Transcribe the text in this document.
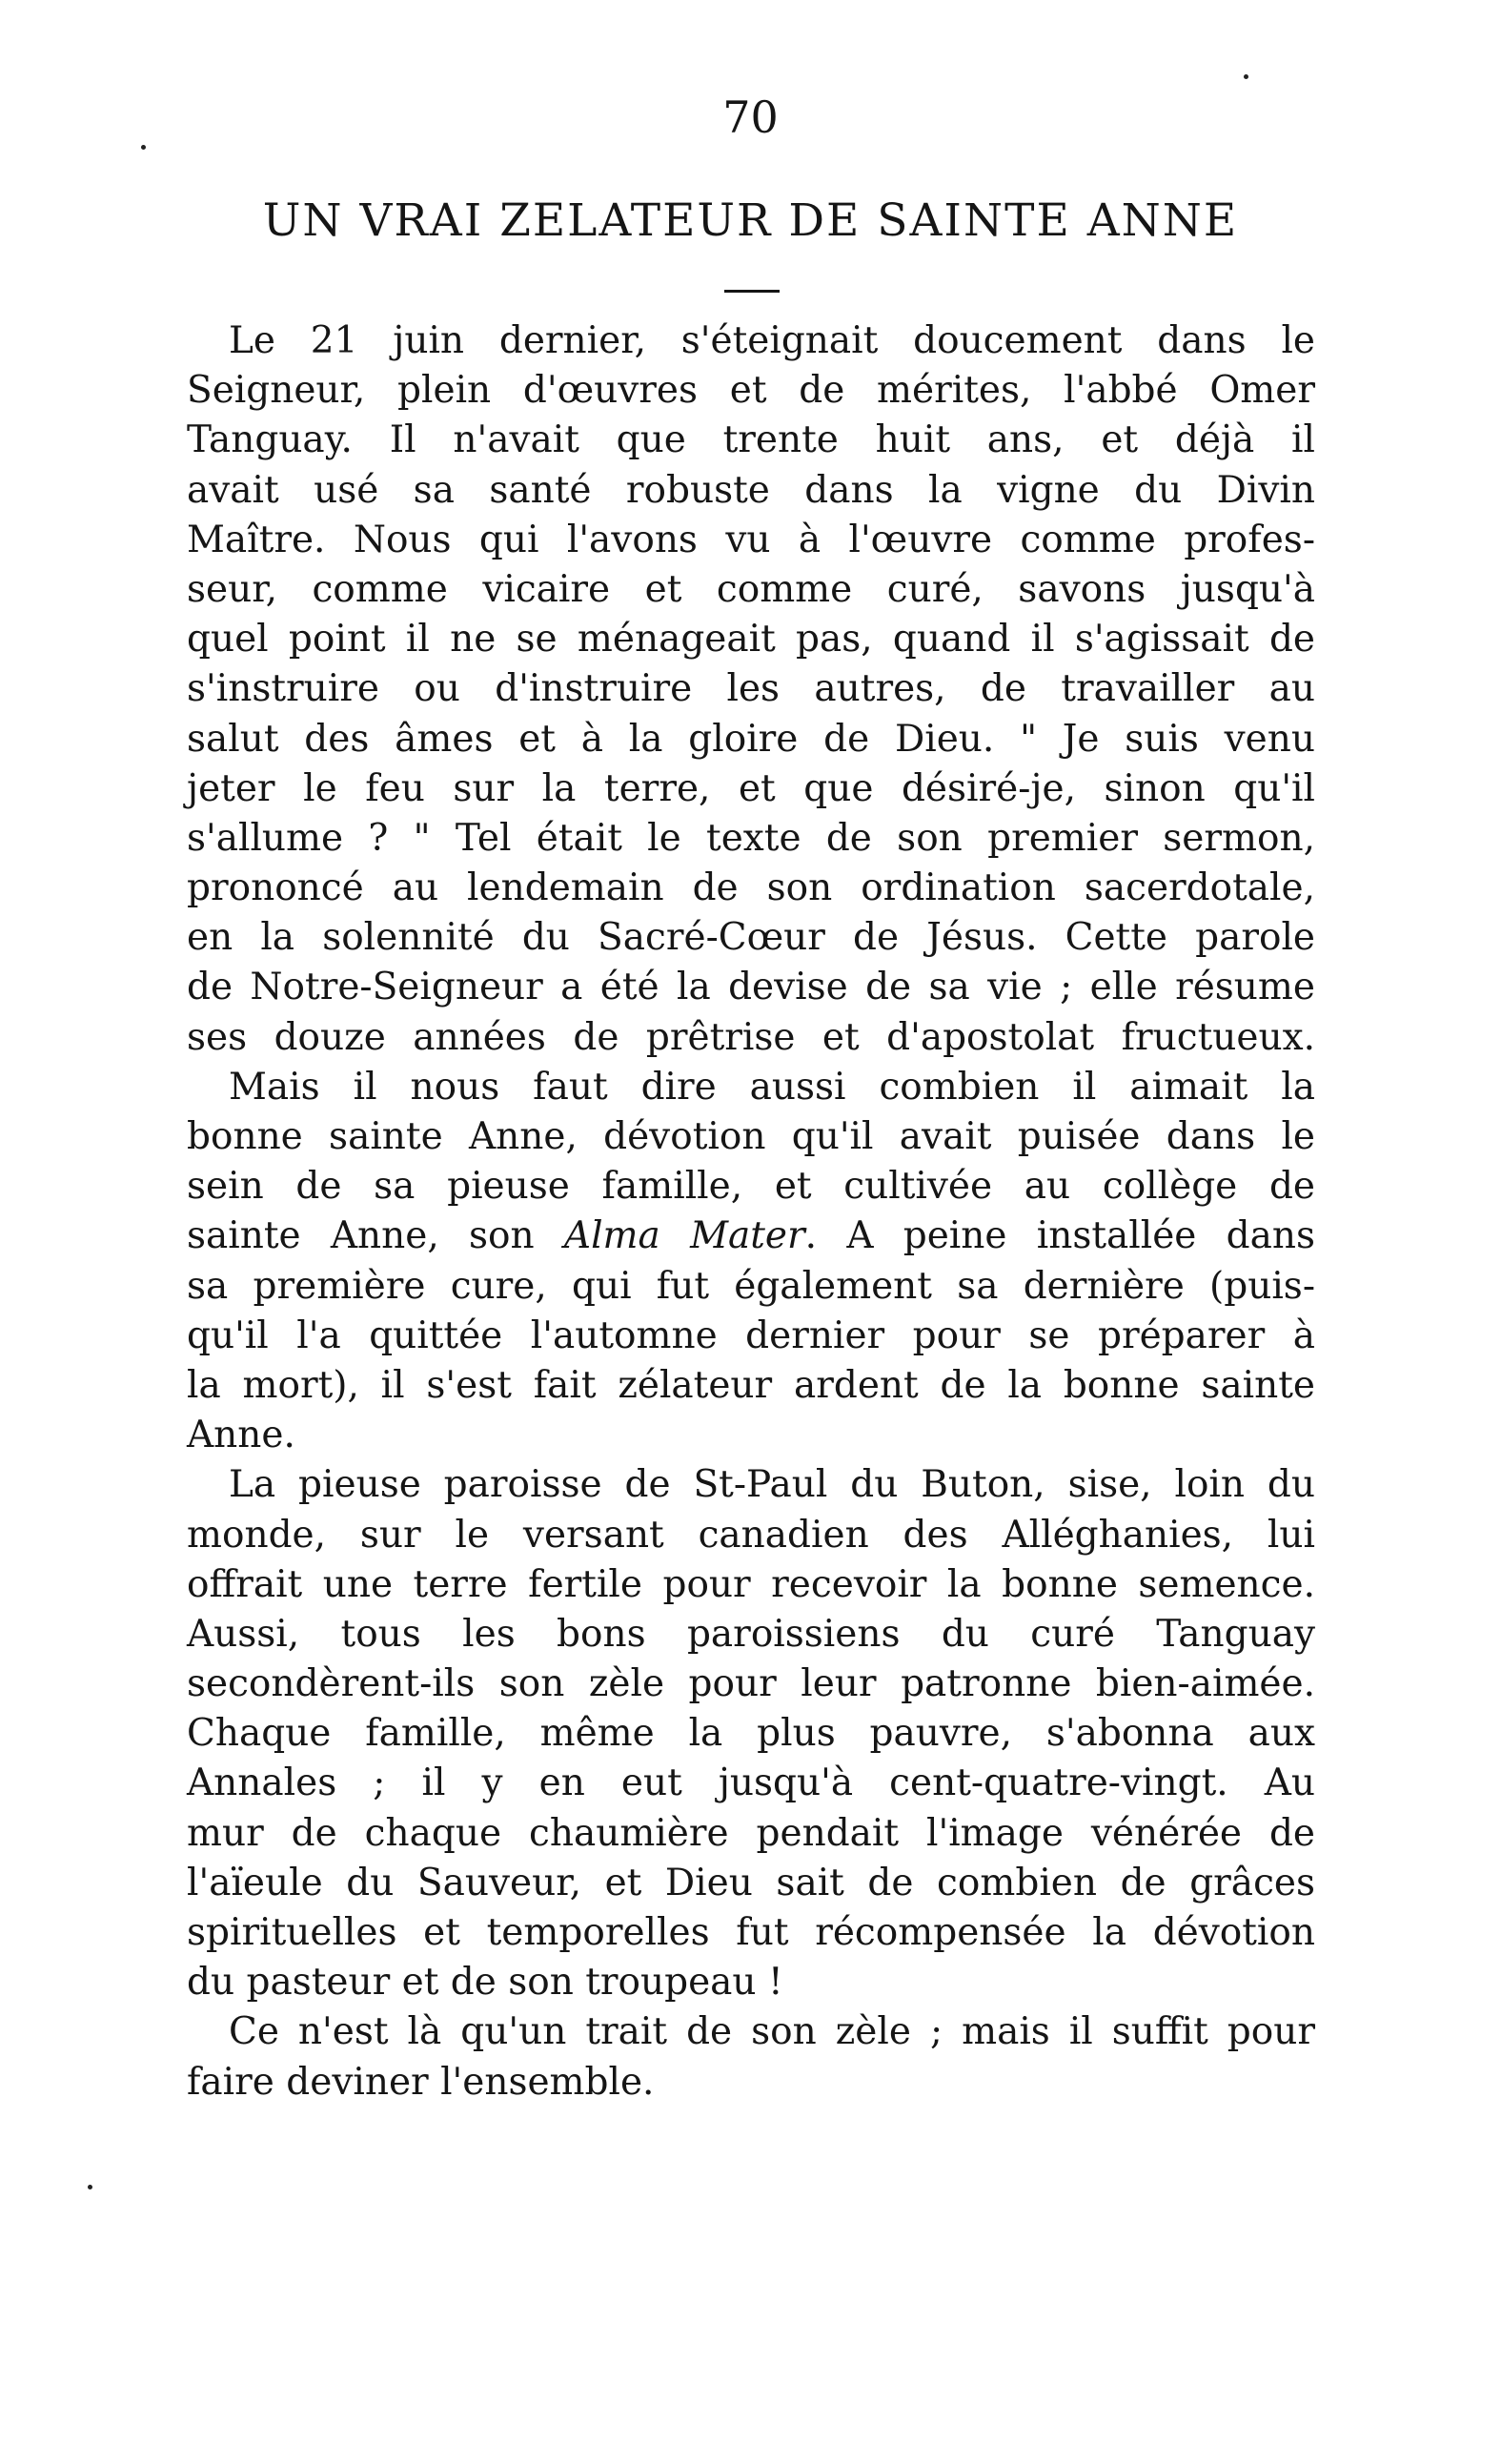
70
UN VRAI ZELATEUR DE SAINTE ANNE
Le 21 juin dernier, s'éteignait doucement dans le
Seigneur, plein d'œuvres et de mérites, l'abbé Omer
Tanguay. Il n'avait que trente huit ans, et déjà il
avait usé sa santé robuste dans la vigne du Divin
Maître. Nous qui l'avons vu à l'œuvre comme profes-
seur, comme vicaire et comme curé, savons jusqu'à
quel point il ne se ménageait pas, quand il s'agissait de
s'instruire ou d'instruire les autres, de travailler au
salut des âmes et à la gloire de Dieu. " Je suis venu
jeter le feu sur la terre, et que désiré-je, sinon qu'il
s'allume ? " Tel était le texte de son premier sermon,
prononcé au lendemain de son ordination sacerdotale,
en la solennité du Sacré-Cœur de Jésus. Cette parole
de Notre-Seigneur a été la devise de sa vie ; elle résume
ses douze années de prêtrise et d'apostolat fructueux.
Mais il nous faut dire aussi combien il aimait la
bonne sainte Anne, dévotion qu'il avait puisée dans le
sein de sa pieuse famille, et cultivée au collège de
sainte Anne, son Alma Mater. A peine installée dans
sa première cure, qui fut également sa dernière (puis-
qu'il l'a quittée l'automne dernier pour se préparer à
la mort), il s'est fait zélateur ardent de la bonne sainte
Anne.
La pieuse paroisse de St-Paul du Buton, sise, loin du
monde, sur le versant canadien des Alléghanies, lui
offrait une terre fertile pour recevoir la bonne semence.
Aussi, tous les bons paroissiens du curé Tanguay
secondèrent-ils son zèle pour leur patronne bien-aimée.
Chaque famille, même la plus pauvre, s'abonna aux
Annales ; il y en eut jusqu'à cent-quatre-vingt. Au
mur de chaque chaumière pendait l'image vénérée de
l'aïeule du Sauveur, et Dieu sait de combien de grâces
spirituelles et temporelles fut récompensée la dévotion
du pasteur et de son troupeau !
Ce n'est là qu'un trait de son zèle ; mais il suffit pour
faire deviner l'ensemble.
